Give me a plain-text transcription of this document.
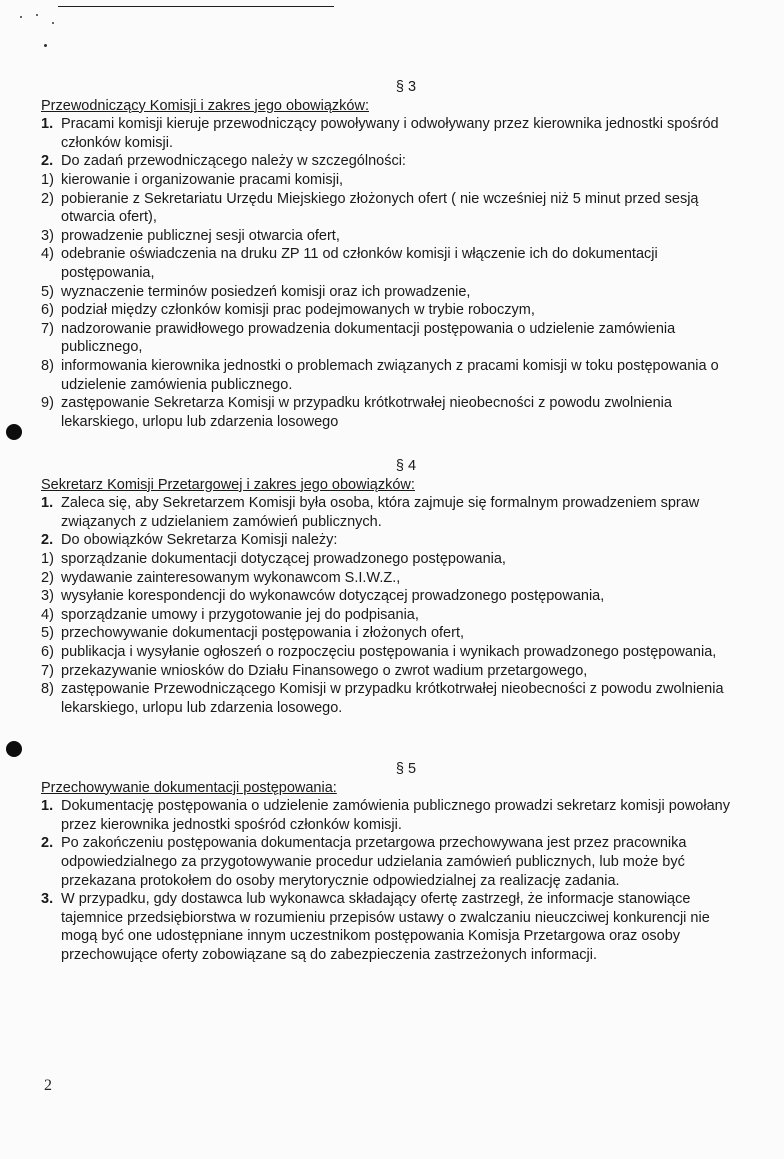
§ 3
Przewodniczący Komisji i zakres jego obowiązków:
1. Pracami komisji kieruje przewodniczący powoływany i odwoływany przez kierownika jednostki spośród członków komisji.
2. Do zadań przewodniczącego należy w szczególności:
1) kierowanie i organizowanie pracami komisji,
2) pobieranie z Sekretariatu Urzędu Miejskiego złożonych ofert ( nie wcześniej niż 5 minut przed sesją otwarcia ofert),
3) prowadzenie publicznej sesji otwarcia ofert,
4) odebranie oświadczenia na druku ZP 11 od członków komisji i włączenie ich do dokumentacji postępowania,
5) wyznaczenie terminów posiedzeń komisji oraz ich prowadzenie,
6) podział między członków komisji prac podejmowanych w trybie roboczym,
7) nadzorowanie prawidłowego prowadzenia dokumentacji postępowania o udzielenie zamówienia publicznego,
8) informowania kierownika jednostki o problemach związanych z pracami komisji w toku postępowania o udzielenie zamówienia publicznego.
9) zastępowanie Sekretarza Komisji w przypadku krótkotrwałej nieobecności z powodu zwolnienia lekarskiego, urlopu lub zdarzenia losowego
§ 4
Sekretarz Komisji Przetargowej i zakres jego obowiązków:
1. Zaleca się, aby Sekretarzem Komisji była osoba, która zajmuje się formalnym prowadzeniem spraw związanych z udzielaniem zamówień publicznych.
2. Do obowiązków Sekretarza Komisji należy:
1) sporządzanie dokumentacji dotyczącej prowadzonego postępowania,
2) wydawanie zainteresowanym wykonawcom S.I.W.Z.,
3) wysyłanie korespondencji do wykonawców dotyczącej prowadzonego postępowania,
4) sporządzanie umowy i przygotowanie jej do podpisania,
5) przechowywanie dokumentacji postępowania i złożonych ofert,
6) publikacja i wysyłanie ogłoszeń o rozpoczęciu postępowania i wynikach prowadzonego postępowania,
7) przekazywanie wniosków do Działu Finansowego o zwrot wadium przetargowego,
8) zastępowanie Przewodniczącego Komisji w przypadku krótkotrwałej nieobecności z powodu zwolnienia lekarskiego, urlopu lub zdarzenia losowego.
§ 5
Przechowywanie dokumentacji postępowania:
1. Dokumentację postępowania o udzielenie zamówienia publicznego prowadzi sekretarz komisji powołany przez kierownika jednostki spośród członków komisji.
2. Po zakończeniu postępowania dokumentacja przetargowa przechowywana jest przez pracownika odpowiedzialnego za przygotowywanie procedur udzielania zamówień publicznych, lub może być przekazana protokołem do osoby merytorycznie odpowiedzialnej za realizację zadania.
3. W przypadku, gdy dostawca lub wykonawca składający ofertę zastrzegł, że informacje stanowiące tajemnice przedsiębiorstwa w rozumieniu przepisów ustawy o zwalczaniu nieuczciwej konkurencji nie mogą być one udostępniane innym uczestnikom postępowania Komisja Przetargowa oraz osoby przechowujące oferty zobowiązane są do zabezpieczenia zastrzeżonych informacji.
2
